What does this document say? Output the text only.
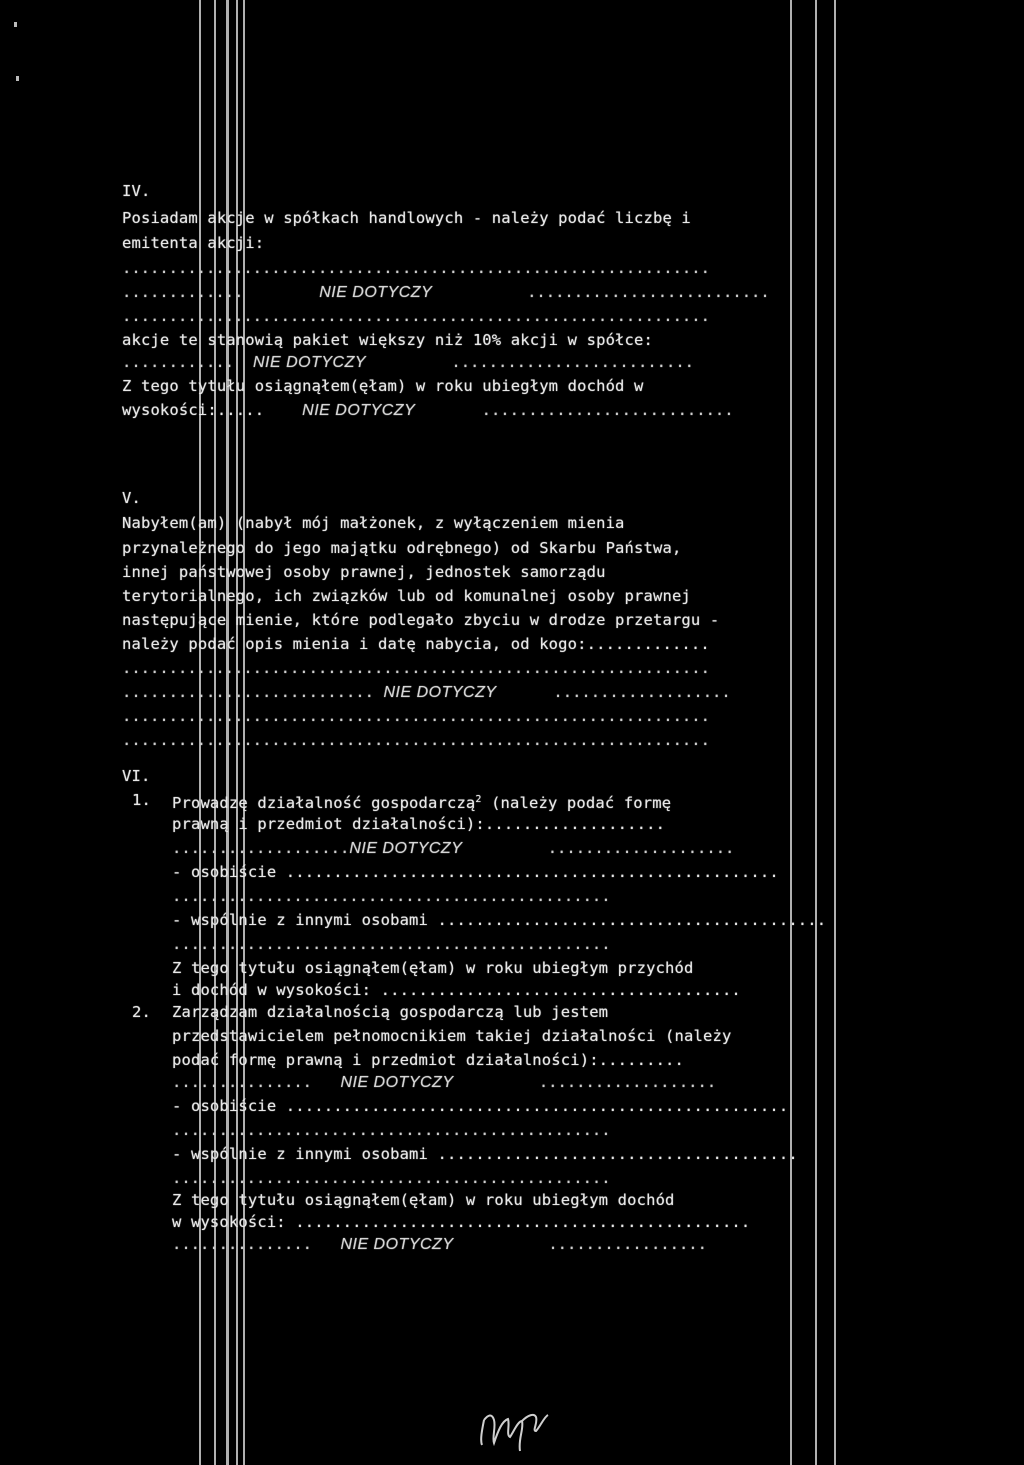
IV.
Posiadam akcje w spółkach handlowych - należy podać liczbę i
emitenta akcji:
...............................................................
.............	NIE DOTYCZY	..........................
...............................................................
akcje te stanowią pakiet większy niż 10% akcji w spółce:
............ NIE DOTYCZY	..........................
Z tego tytułu osiągnąłem(ęłam) w roku ubiegłym dochód w
wysokości:..... NIE DOTYCZY	...........................
V.
Nabyłem(am) (nabył mój małżonek, z wyłączeniem mienia
przynależnego do jego majątku odrębnego) od Skarbu Państwa,
innej państwowej osoby prawnej, jednostek samorządu
terytorialnego, ich związków lub od komunalnej osoby prawnej
następujące mienie, które podlegało zbyciu w drodze przetargu -
należy podać opis mienia i datę nabycia, od kogo:.............
...............................................................
........................... NIE DOTYCZY	...................
...............................................................
...............................................................
VI.
1. Prowadzę działalność gospodarczą$^2$ (należy podać formę
prawną i przedmiot działalności):...................
...................NIE DOTYCZY	....................
- osobiście ....................................................
...............................................
- wspólnie z innymi osobami .........................................
...............................................
Z tego tytułu osiągnąłem(ęłam) w roku ubiegłym przychód
i dochód w wysokości: ......................................
2. Zarządzam działalnością gospodarczą lub jestem
przedstawicielem pełnomocnikiem takiej działalności (należy
podać formę prawną i przedmiot działalności):.........
............... NIE DOTYCZY	...................
- osobiście .....................................................
...............................................
- wspólnie z innymi osobami ......................................
...............................................
Z tego tytułu osiągnąłem(ęłam) w roku ubiegłym dochód
w wysokości: ................................................
............... NIE DOTYCZY	.................
